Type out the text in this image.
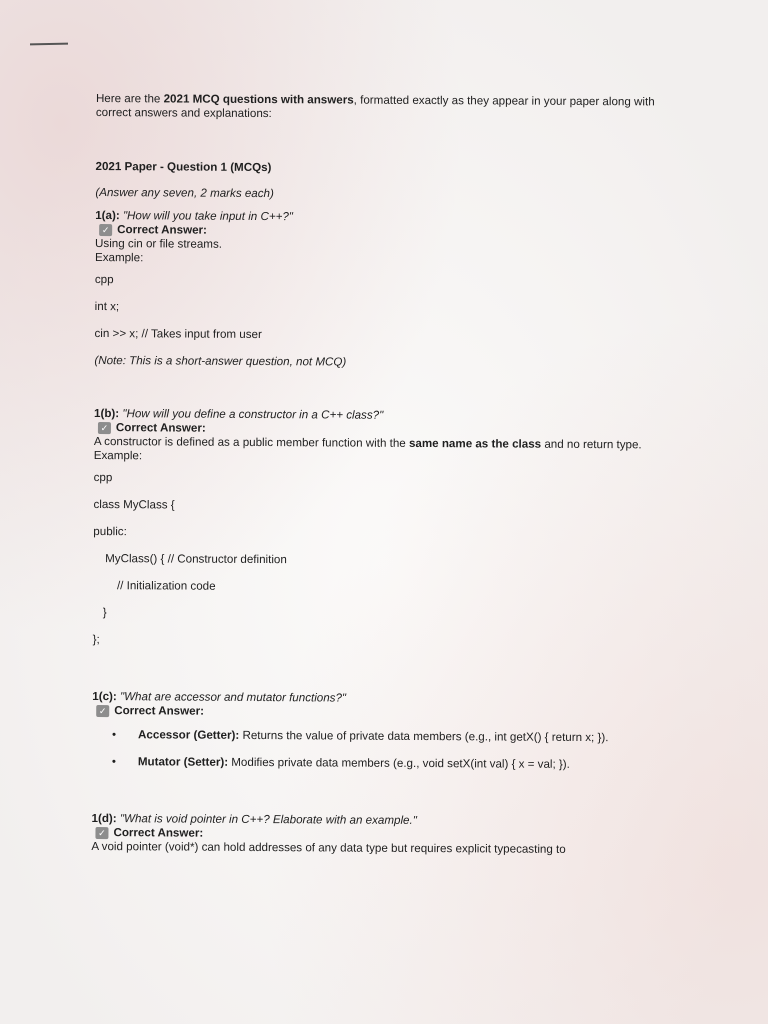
Here are the 2021 MCQ questions with answers, formatted exactly as they appear in your paper along with correct answers and explanations:

2021 Paper - Question 1 (MCQs)
(Answer any seven, 2 marks each)
1(a): "How will you take input in C++?"
✓ Correct Answer:
Using cin or file streams.
Example:
cpp
int x;
cin >> x; // Takes input from user
(Note: This is a short-answer question, not MCQ)
1(b): "How will you define a constructor in a C++ class?"
✓ Correct Answer:
A constructor is defined as a public member function with the same name as the class and no return type.
Example:
cpp
class MyClass {
public:
MyClass() { // Constructor definition
// Initialization code
}
};
1(c): "What are accessor and mutator functions?"
✓ Correct Answer:
• Accessor (Getter): Returns the value of private data members (e.g., int getX() { return x; }).
• Mutator (Setter): Modifies private data members (e.g., void setX(int val) { x = val; }).
1(d): "What is void pointer in C++? Elaborate with an example."
✓ Correct Answer:
A void pointer (void*) can hold addresses of any data type but requires explicit typecasting to
